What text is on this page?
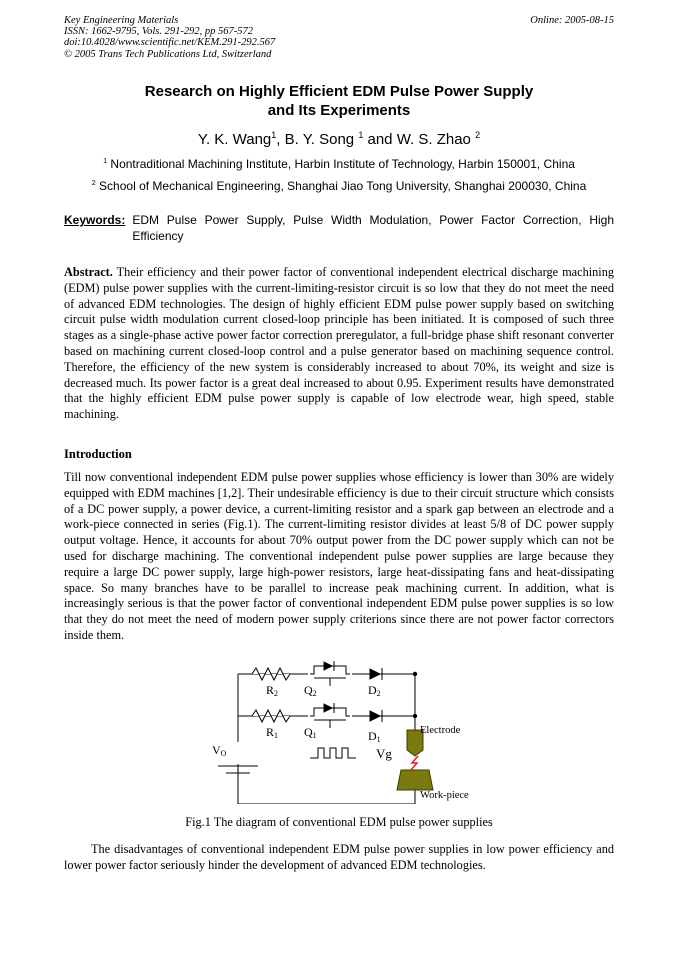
Key Engineering Materials
ISSN: 1662-9795, Vols. 291-292, pp 567-572
doi:10.4028/www.scientific.net/KEM.291-292.567
© 2005 Trans Tech Publications Ltd, Switzerland
Online: 2005-08-15
Research on Highly Efficient EDM Pulse Power Supply
and Its Experiments
Y. K. Wang$^1$, B. Y. Song $^1$ and W. S. Zhao $^2$
$^1$ Nontraditional Machining Institute, Harbin Institute of Technology, Harbin 150001, China
$^2$ School of Mechanical Engineering, Shanghai Jiao Tong University, Shanghai 200030, China
Keywords: EDM Pulse Power Supply, Pulse Width Modulation, Power Factor Correction, High Efficiency
Abstract. Their efficiency and their power factor of conventional independent electrical discharge machining (EDM) pulse power supplies with the current-limiting-resistor circuit is so low that they do not meet the need of advanced EDM technologies. The design of highly efficient EDM pulse power supply based on switching circuit pulse width modulation current closed-loop principle has been initiated. It is composed of such three stages as a single-phase active power factor correction preregulator, a full-bridge phase shift resonant converter based on machining current closed-loop control and a pulse generator based on machining sequence control. Therefore, the efficiency of the new system is considerably increased to about 70%, its weight and size is decreased much. Its power factor is a great deal increased to about 0.95. Experiment results have demonstrated that the highly efficient EDM pulse power supply is capable of low electrode wear, high speed, stable machining.
Introduction
Till now conventional independent EDM pulse power supplies whose efficiency is lower than 30% are widely equipped with EDM machines [1,2]. Their undesirable efficiency is due to their circuit structure which consists of a DC power supply, a power device, a current-limiting resistor and a spark gap between an electrode and a work-piece connected in series (Fig.1). The current-limiting resistor divides at least 5/8 of DC power supply output voltage. Hence, it accounts for about 70% output power from the DC power supply which can not be used for discharge machining. The conventional independent pulse power supplies are large because they require a large DC power supply, large high-power resistors, large heat-dissipating fans and heat-dissipating space. So many branches have to be parallel to increase peak machining current. In addition, what is increasingly serious is that the power factor of conventional independent EDM pulse power supplies is so low that they do not meet the need of modern power supply criterions since there are not power factor correctors inside them.
R2 Q2	D2
R1 Q1	D1
VO	Vg
Electrode
Work-piece
Fig.1 The diagram of conventional EDM pulse power supplies
The disadvantages of conventional independent EDM pulse power supplies in low power efficiency and lower power factor seriously hinder the development of advanced EDM technologies.
